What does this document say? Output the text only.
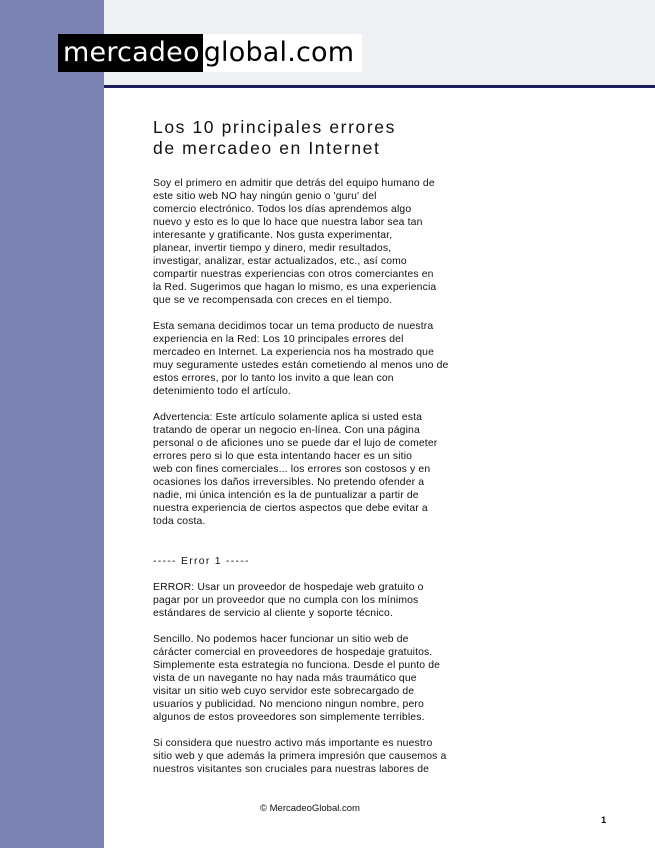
mercadeo global.com
Los 10 principales errores
de mercadeo en Internet

Soy el primero en admitir que detrás del equipo humano de
este sitio web NO hay ningún genio o 'guru' del
comercio electrónico. Todos los días aprendemos algo
nuevo y esto es lo que lo hace que nuestra labor sea tan
interesante y gratificante. Nos gusta experimentar,
planear, invertir tiempo y dinero, medir resultados,
investigar, analizar, estar actualizados, etc., así como
compartir nuestras experiencias con otros comerciantes en
la Red. Sugerimos que hagan lo mismo, es una experiencia
que se ve recompensada con creces en el tiempo.

Esta semana decidimos tocar un tema producto de nuestra
experiencia en la Red: Los 10 principales errores del
mercadeo en Internet. La experiencia nos ha mostrado que
muy seguramente ustedes están cometiendo al menos uno de
estos errores, por lo tanto los invito a que lean con
detenimiento todo el artículo.

Advertencia: Este artículo solamente aplica si usted esta
tratando de operar un negocio en-línea. Con una página
personal o de aficiones uno se puede dar el lujo de cometer
errores pero si lo que esta intentando hacer es un sitio
web con fines comerciales... los errores son costosos y en
ocasiones los daños irreversibles. No pretendo ofender a
nadie, mi única intención es la de puntualizar a partir de
nuestra experiencia de ciertos aspectos que debe evitar a
toda costa.

----- Error 1 -----

ERROR: Usar un proveedor de hospedaje web gratuito o
pagar por un proveedor que no cumpla con los mínimos
estándares de servicio al cliente y soporte técnico.

Sencillo. No podemos hacer funcionar un sitio web de
cárácter comercial en proveedores de hospedaje gratuitos.
Simplemente esta estrategia no funciona. Desde el punto de
vista de un navegante no hay nada más traumático que
visitar un sitio web cuyo servidor este sobrecargado de
usuarios y publicidad. No menciono ningun nombre, pero
algunos de estos proveedores son simplemente terribles.

Si considera que nuestro activo más importante es nuestro
sitio web y que además la primera impresión que causemos a
nuestros visitantes son cruciales para nuestras labores de

© MercadeoGlobal.com
1
